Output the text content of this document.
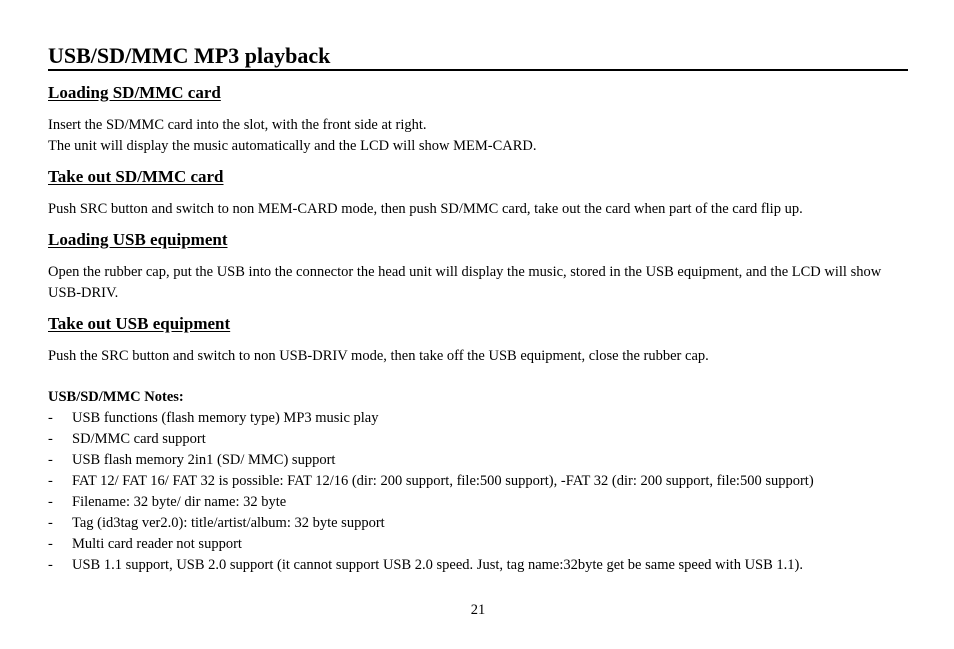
USB/SD/MMC MP3 playback
Loading SD/MMC card

Insert the SD/MMC card into the slot, with the front side at right.
The unit will display the music automatically and the LCD will show MEM-CARD.

Take out SD/MMC card

Push SRC button and switch to non MEM-CARD mode, then push SD/MMC card, take out the card when part of the card flip up.

Loading USB equipment

Open the rubber cap, put the USB into the connector the head unit will display the music, stored in the USB equipment, and the LCD will show USB-DRIV.

Take out USB equipment

Push the SRC button and switch to non USB-DRIV mode, then take off the USB equipment, close the rubber cap.

USB/SD/MMC Notes:

- USB functions (flash memory type) MP3 music play
- SD/MMC card support
- USB flash memory 2in1 (SD/ MMC) support
- FAT 12/ FAT 16/ FAT 32 is possible: FAT 12/16 (dir: 200 support, file:500 support), -FAT 32 (dir: 200 support, file:500 support)
- Filename: 32 byte/ dir name: 32 byte
- Tag (id3tag ver2.0): title/artist/album: 32 byte support
- Multi card reader not support
- USB 1.1 support, USB 2.0 support (it cannot support USB 2.0 speed. Just, tag name:32byte get be same speed with USB 1.1).

21
